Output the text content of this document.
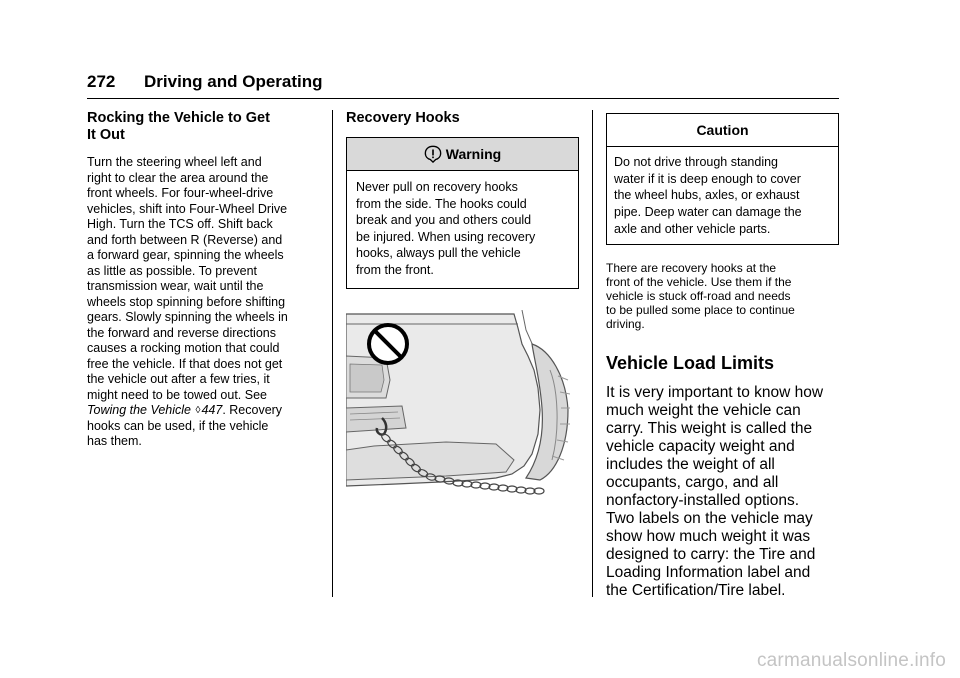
272 Driving and Operating
Rocking the Vehicle to Get
It Out

Turn the steering wheel left and
right to clear the area around the
front wheels. For four-wheel-drive
vehicles, shift into Four-Wheel Drive
High. Turn the TCS off. Shift back
and forth between R (Reverse) and
a forward gear, spinning the wheels
as little as possible. To prevent
transmission wear, wait until the
wheels stop spinning before shifting
gears. Slowly spinning the wheels in
the forward and reverse directions
causes a rocking motion that could
free the vehicle. If that does not get
the vehicle out after a few tries, it
might need to be towed out. See
Towing the Vehicle ◊447. Recovery
hooks can be used, if the vehicle
has them.

Recovery Hooks
Warning
Never pull on recovery hooks
from the side. The hooks could
break and you and others could
be injured. When using recovery
hooks, always pull the vehicle
from the front.
Caution
Do not drive through standing
water if it is deep enough to cover
the wheel hubs, axles, or exhaust
pipe. Deep water can damage the
axle and other vehicle parts.

There are recovery hooks at the
front of the vehicle. Use them if the
vehicle is stuck off-road and needs
to be pulled some place to continue
driving.

Vehicle Load Limits

It is very important to know how
much weight the vehicle can
carry. This weight is called the
vehicle capacity weight and
includes the weight of all
occupants, cargo, and all
nonfactory-installed options.
Two labels on the vehicle may
show how much weight it was
designed to carry: the Tire and
Loading Information label and
the Certification/Tire label.

carmanualsonline.info
